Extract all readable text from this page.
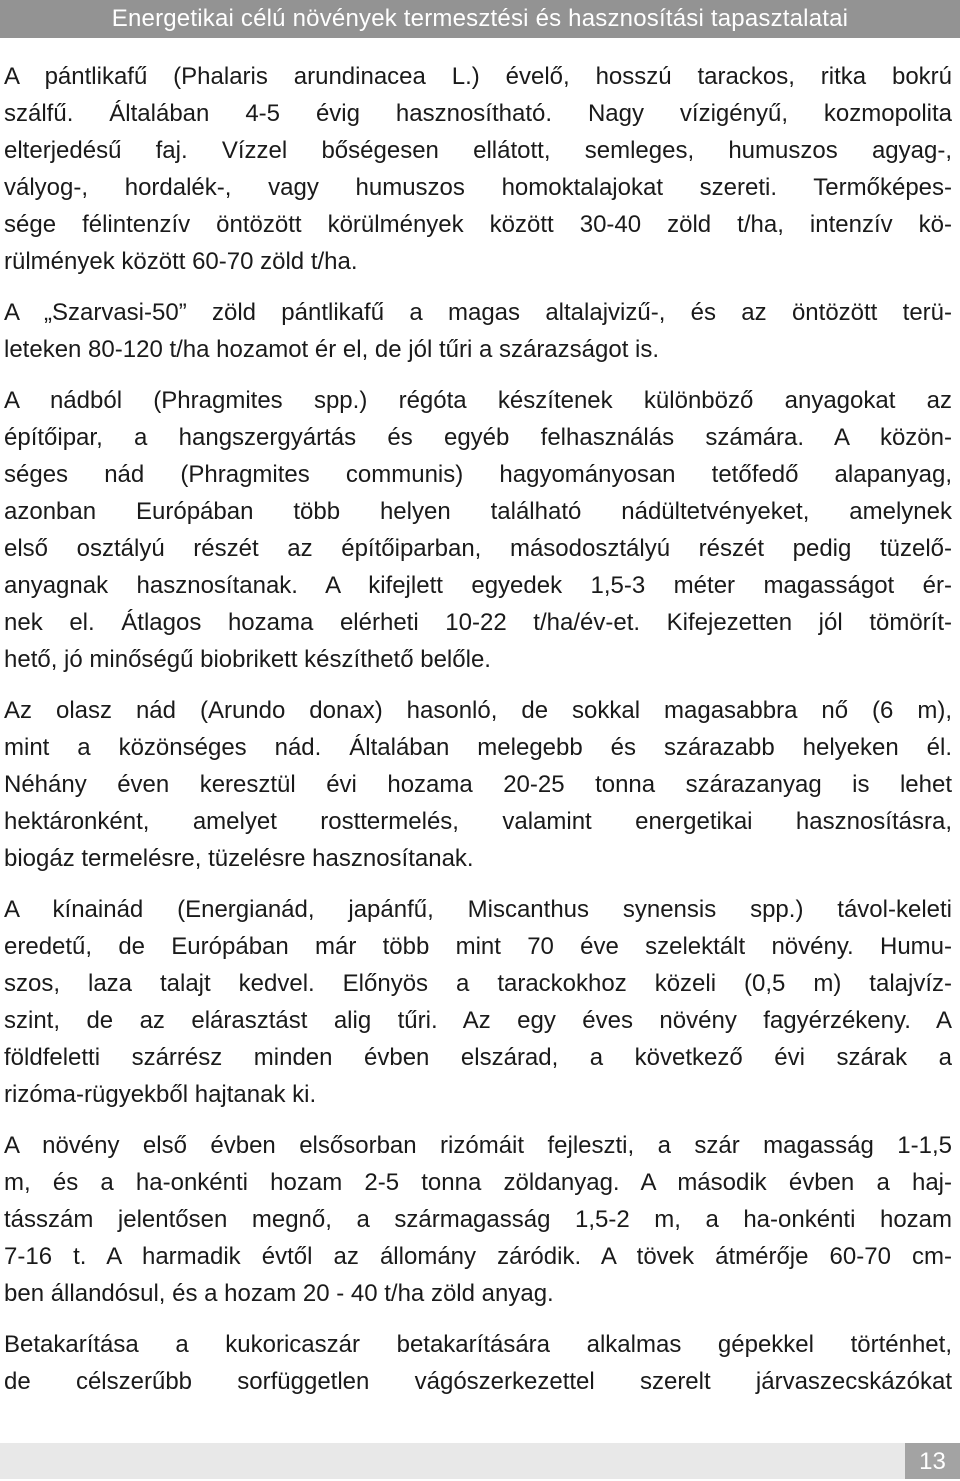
Energetikai célú növények termesztési és hasznosítási tapasztalatai

A pántlikafű (Phalaris arundinacea L.) évelő, hosszú tarackos, ritka bokrú
szálfű. Általában 4-5 évig hasznosítható. Nagy vízigényű, kozmopolita
elterjedésű faj. Vízzel bőségesen ellátott, semleges, humuszos agyag-,
vályog-, hordalék-, vagy humuszos homoktalajokat szereti. Termőképes-
sége félintenzív öntözött körülmények között 30-40 zöld t/ha, intenzív kö-
rülmények között 60-70 zöld t/ha.

A „Szarvasi-50” zöld pántlikafű a magas altalajvizű-, és az öntözött terü-
leteken 80-120 t/ha hozamot ér el, de jól tűri a szárazságot is.

A nádból (Phragmites spp.) régóta készítenek különböző anyagokat az
építőipar, a hangszergyártás és egyéb felhasználás számára. A közön-
séges nád (Phragmites communis) hagyományosan tetőfedő alapanyag,
azonban Európában több helyen található nádültetvényeket, amelynek
első osztályú részét az építőiparban, másodosztályú részét pedig tüzelő-
anyagnak hasznosítanak. A kifejlett egyedek 1,5-3 méter magasságot ér-
nek el. Átlagos hozama elérheti 10-22 t/ha/év-et. Kifejezetten jól tömörít-
hető, jó minőségű biobrikett készíthető belőle.

Az olasz nád (Arundo donax) hasonló, de sokkal magasabbra nő (6 m),
mint a közönséges nád. Általában melegebb és szárazabb helyeken él.
Néhány éven keresztül évi hozama 20-25 tonna szárazanyag is lehet
hektáronként, amelyet rosttermelés, valamint energetikai hasznosításra,
biogáz termelésre, tüzelésre hasznosítanak.

A kínainád (Energianád, japánfű, Miscanthus synensis spp.) távol-keleti
eredetű, de Európában már több mint 70 éve szelektált növény. Humu-
szos, laza talajt kedvel. Előnyös a tarackokhoz közeli (0,5 m) talajvíz-
szint, de az elárasztást alig tűri. Az egy éves növény fagyérzékeny. A
földfeletti szárrész minden évben elszárad, a következő évi szárak a
rizóma-rügyekből hajtanak ki.

A növény első évben elsősorban rizómáit fejleszti, a szár magasság 1-1,5
m, és a ha-onkénti hozam 2-5 tonna zöldanyag. A második évben a haj-
tásszám jelentősen megnő, a szármagasság 1,5-2 m, a ha-onkénti hozam
7-16 t. A harmadik évtől az állomány záródik. A tövek átmérője 60-70 cm-
ben állandósul, és a hozam 20 - 40 t/ha zöld anyag.

Betakarítása a kukoricaszár betakarítására alkalmas gépekkel történhet,
de célszerűbb sorfüggetlen vágószerkezettel szerelt járvaszecskázókat

13
